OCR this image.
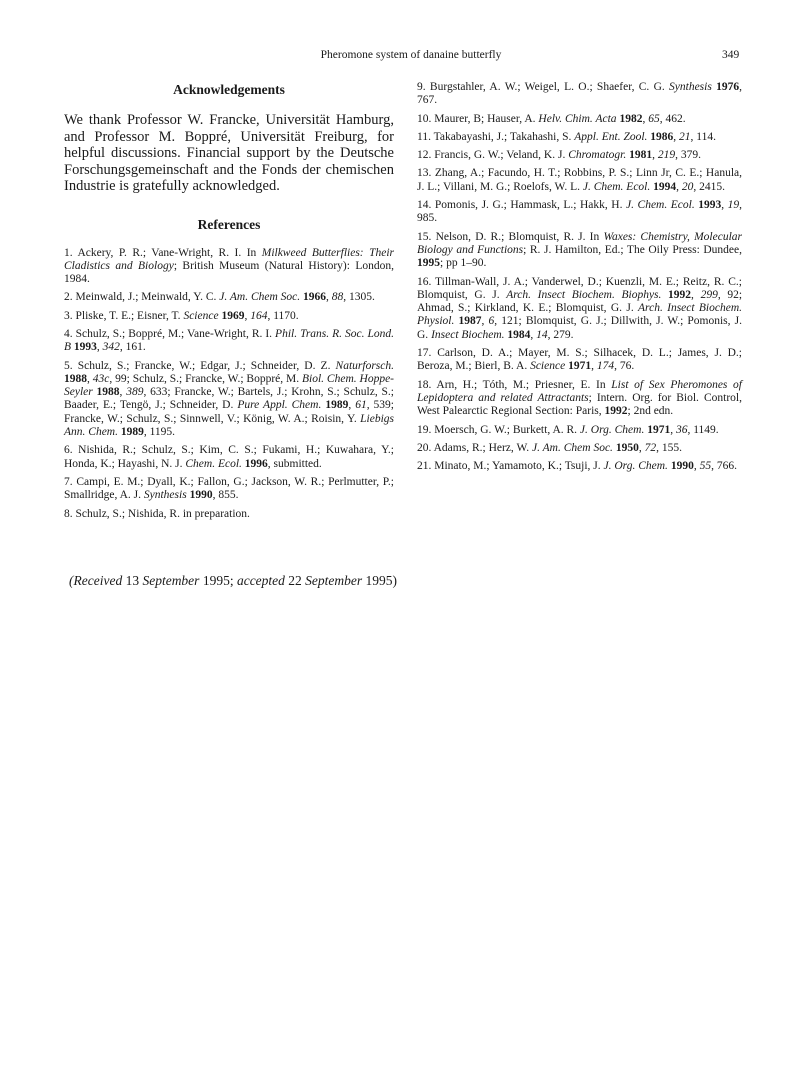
Pheromone system of danaine butterfly	349
Acknowledgements

We thank Professor W. Francke, Universität Hamburg, and Professor M. Boppré, Universität Freiburg, for helpful discussions. Financial support by the Deutsche Forschungsgemeinschaft and the Fonds der chemischen Industrie is gratefully acknowledged.

References

1. Ackery, P. R.; Vane-Wright, R. I. In Milkweed Butterflies: Their Cladistics and Biology; British Museum (Natural History): London, 1984.

2. Meinwald, J.; Meinwald, Y. C. J. Am. Chem Soc. 1966, 88, 1305.

3. Pliske, T. E.; Eisner, T. Science 1969, 164, 1170.

4. Schulz, S.; Boppré, M.; Vane-Wright, R. I. Phil. Trans. R. Soc. Lond. B 1993, 342, 161.

5. Schulz, S.; Francke, W.; Edgar, J.; Schneider, D. Z. Naturforsch. 1988, 43c, 99; Schulz, S.; Francke, W.; Boppré, M. Biol. Chem. Hoppe-Seyler 1988, 389, 633; Francke, W.; Bartels, J.; Krohn, S.; Schulz, S.; Baader, E.; Tengö, J.; Schneider, D. Pure Appl. Chem. 1989, 61, 539; Francke, W.; Schulz, S.; Sinnwell, V.; König, W. A.; Roisin, Y. Liebigs Ann. Chem. 1989, 1195.

6. Nishida, R.; Schulz, S.; Kim, C. S.; Fukami, H.; Kuwahara, Y.; Honda, K.; Hayashi, N. J. Chem. Ecol. 1996, submitted.

7. Campi, E. M.; Dyall, K.; Fallon, G.; Jackson, W. R.; Perlmutter, P.; Smallridge, A. J. Synthesis 1990, 855.

8. Schulz, S.; Nishida, R. in preparation.

9. Burgstahler, A. W.; Weigel, L. O.; Shaefer, C. G. Synthesis 1976, 767.

10. Maurer, B; Hauser, A. Helv. Chim. Acta 1982, 65, 462.

11. Takabayashi, J.; Takahashi, S. Appl. Ent. Zool. 1986, 21, 114.

12. Francis, G. W.; Veland, K. J. Chromatogr. 1981, 219, 379.

13. Zhang, A.; Facundo, H. T.; Robbins, P. S.; Linn Jr, C. E.; Hanula, J. L.; Villani, M. G.; Roelofs, W. L. J. Chem. Ecol. 1994, 20, 2415.

14. Pomonis, J. G.; Hammask, L.; Hakk, H. J. Chem. Ecol. 1993, 19, 985.

15. Nelson, D. R.; Blomquist, R. J. In Waxes: Chemistry, Molecular Biology and Functions; R. J. Hamilton, Ed.; The Oily Press: Dundee, 1995; pp 1–90.

16. Tillman-Wall, J. A.; Vanderwel, D.; Kuenzli, M. E.; Reitz, R. C.; Blomquist, G. J. Arch. Insect Biochem. Biophys. 1992, 299, 92; Ahmad, S.; Kirkland, K. E.; Blomquist, G. J. Arch. Insect Biochem. Physiol. 1987, 6, 121; Blomquist, G. J.; Dillwith, J. W.; Pomonis, J. G. Insect Biochem. 1984, 14, 279.

17. Carlson, D. A.; Mayer, M. S.; Silhacek, D. L.; James, J. D.; Beroza, M.; Bierl, B. A. Science 1971, 174, 76.

18. Arn, H.; Tóth, M.; Priesner, E. In List of Sex Pheromones of Lepidoptera and related Attractants; Intern. Org. for Biol. Control, West Palearctic Regional Section: Paris, 1992; 2nd edn.

19. Moersch, G. W.; Burkett, A. R. J. Org. Chem. 1971, 36, 1149.

20. Adams, R.; Herz, W. J. Am. Chem Soc. 1950, 72, 155.

21. Minato, M.; Yamamoto, K.; Tsuji, J. J. Org. Chem. 1990, 55, 766.

(Received 13 September 1995; accepted 22 September 1995)
